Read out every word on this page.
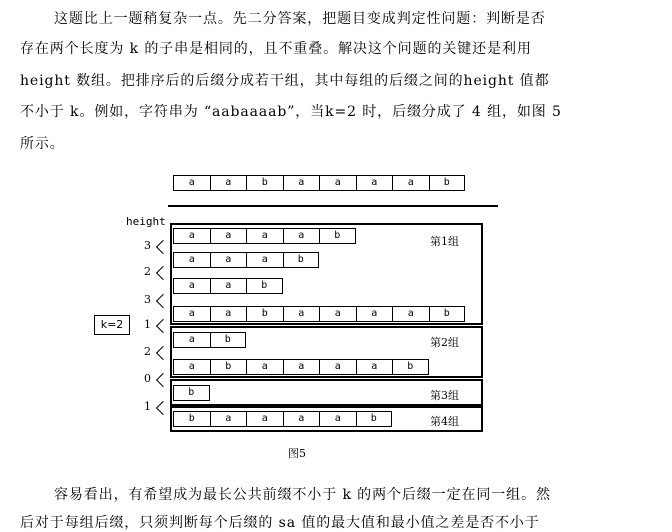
这题比上一题稍复杂一点。先二分答案，把题目变成判定性问题：判断是否
存在两个长度为 k 的子串是相同的，且不重叠。解决这个问题的关键还是利用
height 数组。把排序后的后缀分成若干组，其中每组的后缀之间的height 值都
不小于 k。例如，字符串为 “aabaaaab”，当k=2 时，后缀分成了 4 组，如图 5
所示。
height
k=2
图5
a	a	b	a	a	a	a	b
a	a	a	a	b
a	a	a	b
a	a	b
a	a	b	a	a	a	a	b
a	b
a	b	a	a	a	a	b
b
b	a	a	a	a	b
3
2
3
1
2
0
1
第1组
第2组
第3组
第4组
容易看出，有希望成为最长公共前缀不小于 k 的两个后缀一定在同一组。然
后对于每组后缀，只须判断每个后缀的 sa 值的最大值和最小值之差是否不小于
